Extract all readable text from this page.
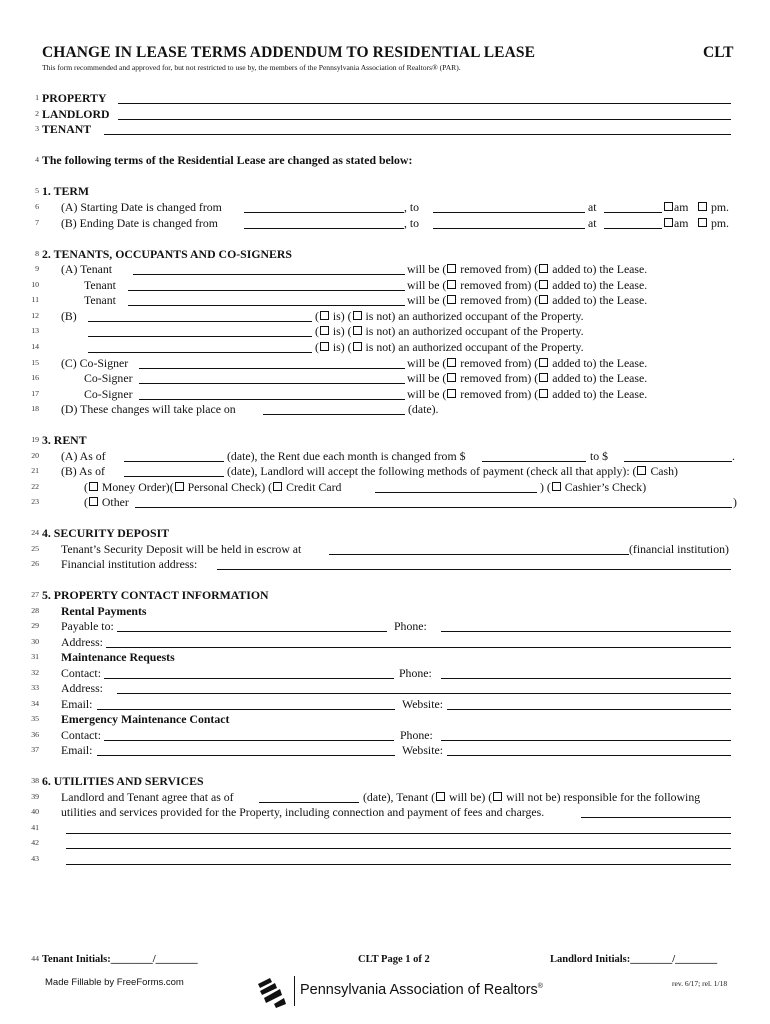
CHANGE IN LEASE TERMS ADDENDUM TO RESIDENTIAL LEASE	CLT
This form recommended and approved for, but not restricted to use by, the members of the Pennsylvania Association of Realtors® (PAR).
1 PROPERTY
2 LANDLORD
3 TENANT
4 The following terms of the Residential Lease are changed as stated below:
5 1. TERM
6 (A) Starting Date is changed from	, to	at	am	pm.
7 (B) Ending Date is changed from	, to	at	am	pm.
8 2. TENANTS, OCCUPANTS AND CO-SIGNERS
9 (A) Tenant	will be ( removed from) ( added to) the Lease.
10	Tenant	will be ( removed from) ( added to) the Lease.
11	Tenant	will be ( removed from) ( added to) the Lease.
12 (B)	( is) ( is not) an authorized occupant of the Property.
13	( is) ( is not) an authorized occupant of the Property.
14	( is) ( is not) an authorized occupant of the Property.
15 (C) Co-Signer	will be ( removed from) ( added to) the Lease.
16	Co-Signer	will be ( removed from) ( added to) the Lease.
17	Co-Signer	will be ( removed from) ( added to) the Lease.
18 (D) These changes will take place on	(date).
19 3. RENT
20 (A) As of	(date), the Rent due each month is changed from $	to $	.
21 (B) As of	(date), Landlord will accept the following methods of payment (check all that apply): ( Cash)
22	( Money Order)( Personal Check) ( Credit Card	) ( Cashier’s Check)
23	( Other	)
24 4. SECURITY DEPOSIT
25 Tenant’s Security Deposit will be held in escrow at	(financial institution)
26 Financial institution address:
27 5. PROPERTY CONTACT INFORMATION
28 Rental Payments
29 Payable to:	Phone:
30 Address:
31 Maintenance Requests
32 Contact:	Phone:
33 Address:
34 Email:	Website:
35 Emergency Maintenance Contact
36 Contact:	Phone:
37 Email:	Website:
38 6. UTILITIES AND SERVICES
39 Landlord and Tenant agree that as of	(date), Tenant ( will be) ( will not be) responsible for the following
40 utilities and services provided for the Property, including connection and payment of fees and charges.
41
42
43
44 Tenant Initials:________/________	CLT Page 1 of 2	Landlord Initials:________/________
Made Fillable by FreeForms.com	rev. 6/17; rel. 1/18
Pennsylvania Association of Realtors®
